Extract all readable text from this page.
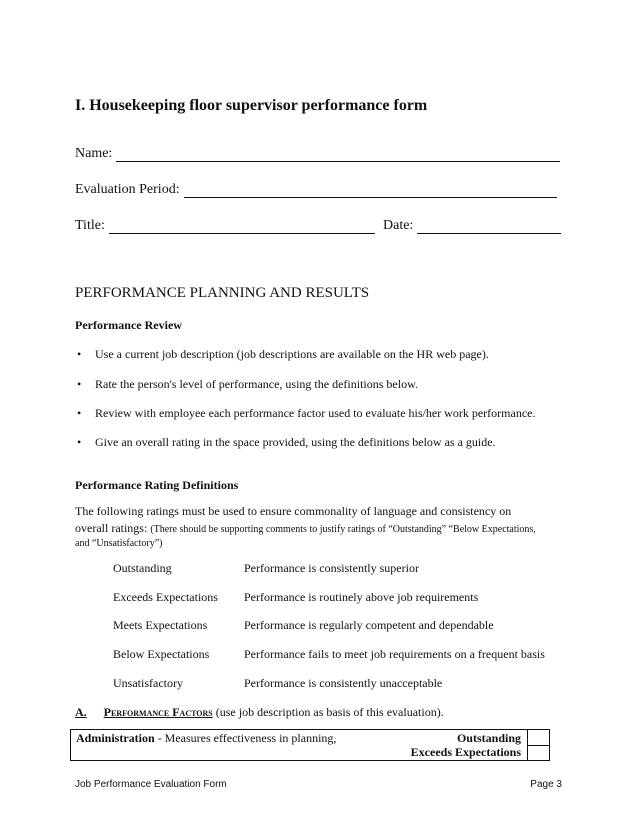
I. Housekeeping floor supervisor performance form
Name:
Evaluation Period:
Title:	Date:
PERFORMANCE PLANNING AND RESULTS
Performance Review
• Use a current job description (job descriptions are available on the HR web page).
• Rate the person's level of performance, using the definitions below.
• Review with employee each performance factor used to evaluate his/her work performance.
• Give an overall rating in the space provided, using the definitions below as a guide.
Performance Rating Definitions
The following ratings must be used to ensure commonality of language and consistency on
overall ratings: (There should be supporting comments to justify ratings of “Outstanding” “Below Expectations,
and “Unsatisfactory”)
Outstanding	Performance is consistently superior
Exceeds Expectations Performance is routinely above job requirements
Meets Expectations	Performance is regularly competent and dependable
Below Expectations	Performance fails to meet job requirements on a frequent basis
Unsatisfactory	Performance is consistently unacceptable
A. Performance Factors (use job description as basis of this evaluation).
Administration - Measures effectiveness in planning,	Outstanding
Exceeds Expectations
Job Performance Evaluation Form	Page 3
